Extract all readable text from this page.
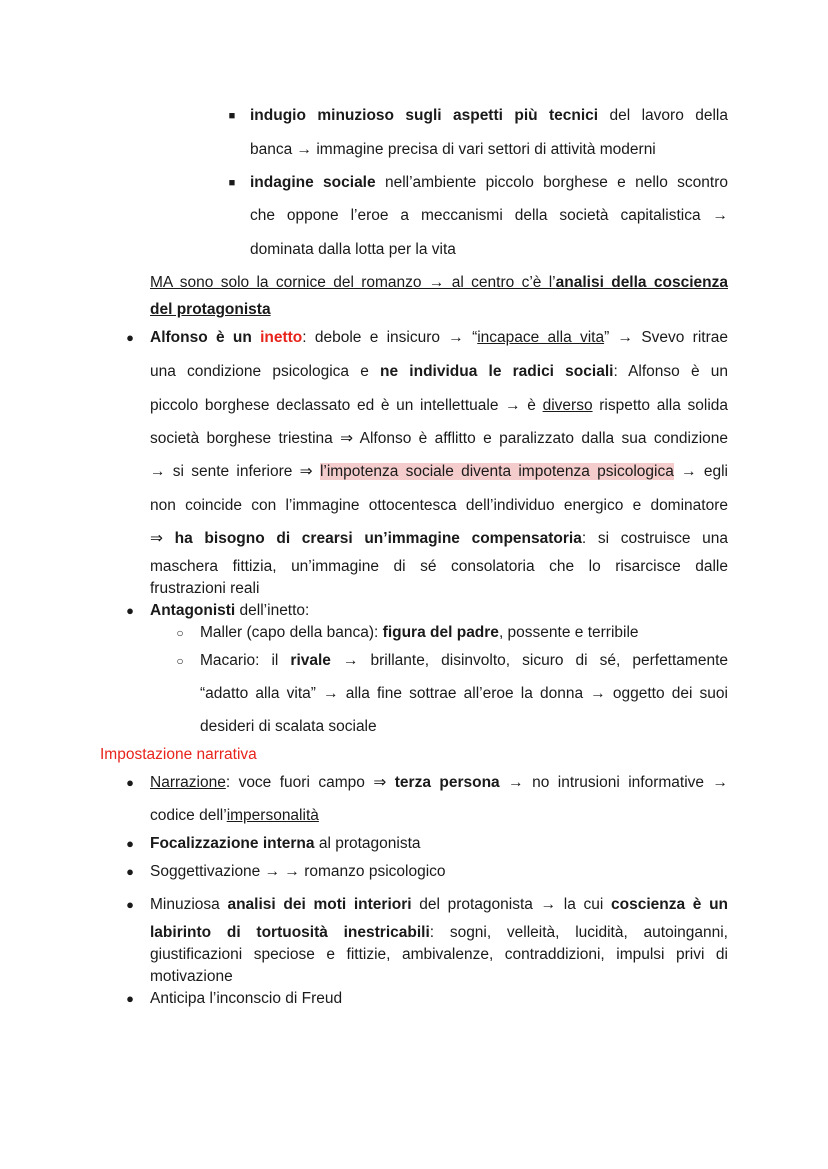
■ indugio minuzioso sugli aspetti più tecnici del lavoro della
banca → immagine precisa di vari settori di attività moderni
■ indagine sociale nell’ambiente piccolo borghese e nello scontro
che oppone l’eroe a meccanismi della società capitalistica →
dominata dalla lotta per la vita
MA sono solo la cornice del romanzo → al centro c’è l’analisi della coscienza
del protagonista
●	Alfonso è un inetto: debole e insicuro → “incapace alla vita” → Svevo ritrae
una condizione psicologica e ne individua le radici sociali: Alfonso è un
piccolo borghese declassato ed è un intellettuale → è diverso rispetto alla solida
società borghese triestina ⇒ Alfonso è afflitto e paralizzato dalla sua condizione
→ si sente inferiore ⇒ l’impotenza sociale diventa impotenza psicologica → egli
non coincide con l’immagine ottocentesca dell’individuo energico e dominatore
⇒ ha bisogno di crearsi un’immagine compensatoria: si costruisce una
maschera fittizia, un’immagine di sé consolatoria che lo risarcisce dalle
frustrazioni reali
●	Antagonisti dell’inetto:
○	Maller (capo della banca): figura del padre, possente e terribile
○	Macario: il rivale → brillante, disinvolto, sicuro di sé, perfettamente
“adatto alla vita” → alla fine sottrae all’eroe la donna → oggetto dei suoi
desideri di scalata sociale
Impostazione narrativa
●	Narrazione: voce fuori campo ⇒ terza persona → no intrusioni informative →
codice dell’impersonalità
●	Focalizzazione interna al protagonista
●	Soggettivazione → → romanzo psicologico
●	Minuziosa analisi dei moti interiori del protagonista → la cui coscienza è un
labirinto di tortuosità inestricabili: sogni, velleità, lucidità, autoinganni,
giustificazioni speciose e fittizie, ambivalenze, contraddizioni, impulsi privi di
motivazione
●	Anticipa l’inconscio di Freud
